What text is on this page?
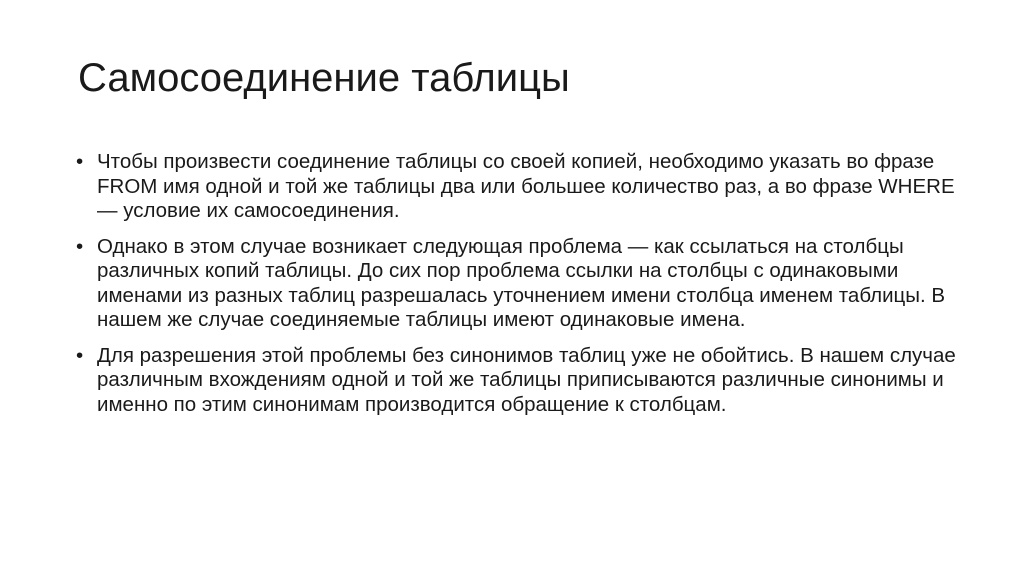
Самосоединение таблицы
• Чтобы произвести соединение таблицы со своей копией, необходимо указать во фразе FROM имя одной и той же таблицы два или большее количество раз, а во фразе WHERE — условие их самосоединения.
• Однако в этом случае возникает следующая проблема — как ссылаться на столбцы различных копий таблицы. До сих пор проблема ссылки на столбцы с одинаковыми именами из разных таблиц разрешалась уточнением имени столбца именем таблицы. В нашем же случае соединяемые таблицы имеют одинаковые имена.
• Для разрешения этой проблемы без синонимов таблиц уже не обойтись. В нашем случае различным вхождениям одной и той же таблицы приписываются различные синонимы и именно по этим синонимам производится обращение к столбцам.
